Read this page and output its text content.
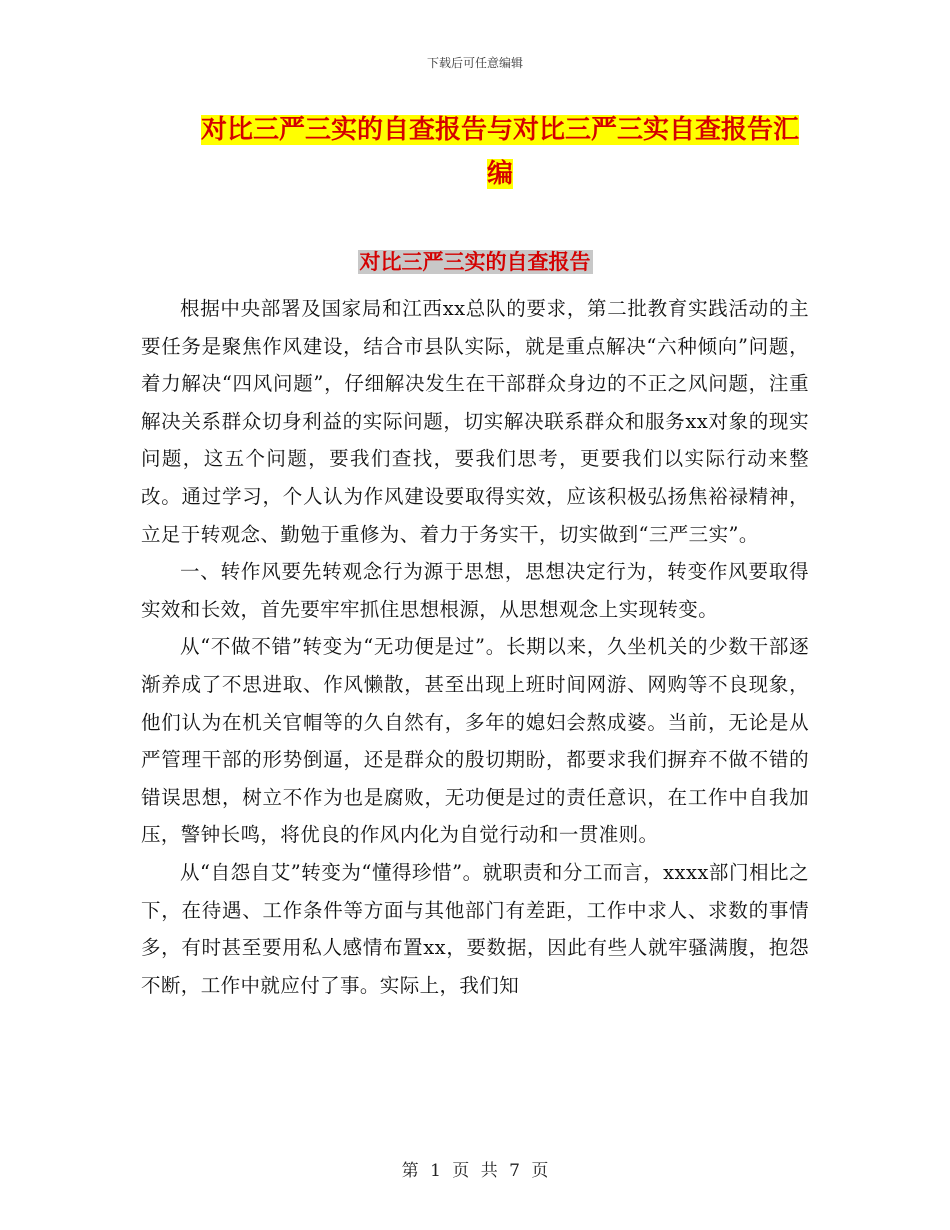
下载后可任意编辑
对比三严三实的自查报告与对比三严三实自查报告汇编
对比三严三实的自查报告

根据中央部署及国家局和江西xx总队的要求，第二批教育实践活动的主要任务是聚焦作风建设，结合市县队实际，就是重点解决“六种倾向”问题，着力解决“四风问题”，仔细解决发生在干部群众身边的不正之风问题，注重解决关系群众切身利益的实际问题，切实解决联系群众和服务xx对象的现实问题，这五个问题，要我们查找，要我们思考，更要我们以实际行动来整改。通过学习，个人认为作风建设要取得实效，应该积极弘扬焦裕禄精神，立足于转观念、勤勉于重修为、着力于务实干，切实做到“三严三实”。

一、转作风要先转观念行为源于思想，思想决定行为，转变作风要取得实效和长效，首先要牢牢抓住思想根源，从思想观念上实现转变。

从“不做不错”转变为“无功便是过”。长期以来，久坐机关的少数干部逐渐养成了不思进取、作风懒散，甚至出现上班时间网游、网购等不良现象，他们认为在机关官帽等的久自然有，多年的媳妇会熬成婆。当前，无论是从严管理干部的形势倒逼，还是群众的殷切期盼，都要求我们摒弃不做不错的错误思想，树立不作为也是腐败，无功便是过的责任意识，在工作中自我加压，警钟长鸣，将优良的作风内化为自觉行动和一贯准则。

从“自怨自艾”转变为“懂得珍惜”。就职责和分工而言，xxxx部门相比之下，在待遇、工作条件等方面与其他部门有差距，工作中求人、求数的事情多，有时甚至要用私人感情布置xx，要数据，因此有些人就牢骚满腹，抱怨不断，工作中就应付了事。实际上，我们知

第 1 页 共 7 页
